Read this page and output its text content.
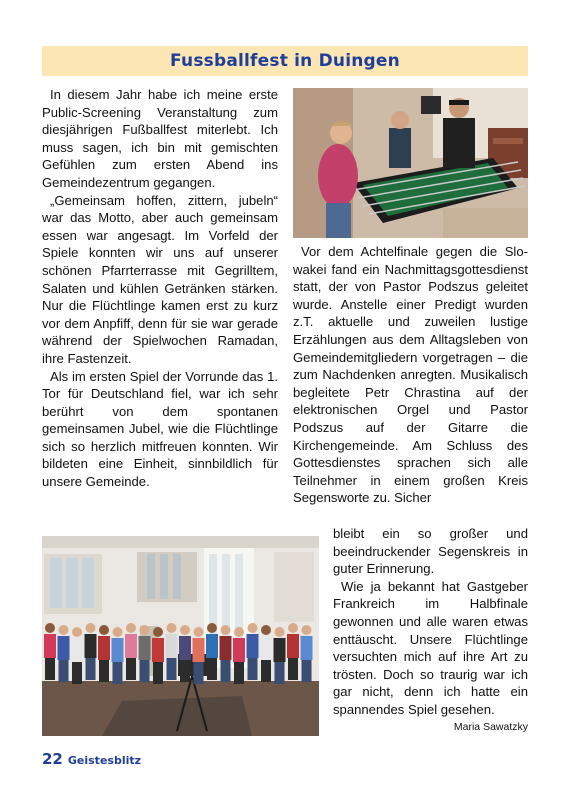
Fussballfest in Duingen

In diesem Jahr habe ich meine erste Public-Screening Veranstaltung zum diesjährigen Fußballfest miterlebt. Ich muss sagen, ich bin mit gemischten Gefühlen zum ersten Abend ins Gemeindezentrum gegangen.

„Gemeinsam hoffen, zittern, jubeln“ war das Motto, aber auch gemeinsam essen war angesagt. Im Vorfeld der Spiele konnten wir uns auf unserer schönen Pfarrterrasse mit Gegrilltem, Salaten und kühlen Getränken stärken. Nur die Flüchtlinge kamen erst zu kurz vor dem Anpfiff, denn für sie war gerade während der Spielwochen Ramadan, ihre Fastenzeit.

Als im ersten Spiel der Vorrunde das 1. Tor für Deutschland fiel, war ich sehr berührt von dem spontanen gemeinsamen Jubel, wie die Flüchtlinge sich so herzlich mitfreuen konnten. Wir bildeten eine Einheit, sinnbildlich für unsere Gemeinde.

Vor dem Achtelfinale gegen die Slowakei fand ein Nachmittagsgottesdienst statt, der von Pastor Podszus geleitet wurde. Anstelle einer Predigt wurden z.T. aktuelle und zuweilen lustige Erzählungen aus dem Alltagsleben von Gemeindemitgliedern vorgetragen – die zum Nachdenken anregten. Musikalisch begleitete Petr Chrastina auf der elektronischen Orgel und Pastor Podszus auf der Gitarre die Kirchengemeinde. Am Schluss des Gottesdienstes sprachen sich alle Teilnehmer in einem großen Kreis Segensworte zu. Sicher

bleibt ein so großer und beeindruckender Segenskreis in guter Erinnerung.

Wie ja bekannt hat Gastgeber Frankreich im Halbfinale gewonnen und alle waren etwas enttäuscht. Unsere Flüchtlinge versuchten mich auf ihre Art zu trösten. Doch so traurig war ich gar nicht, denn ich hatte ein spannendes Spiel gesehen.

Maria Sawatzky
22 Geistesblitz
